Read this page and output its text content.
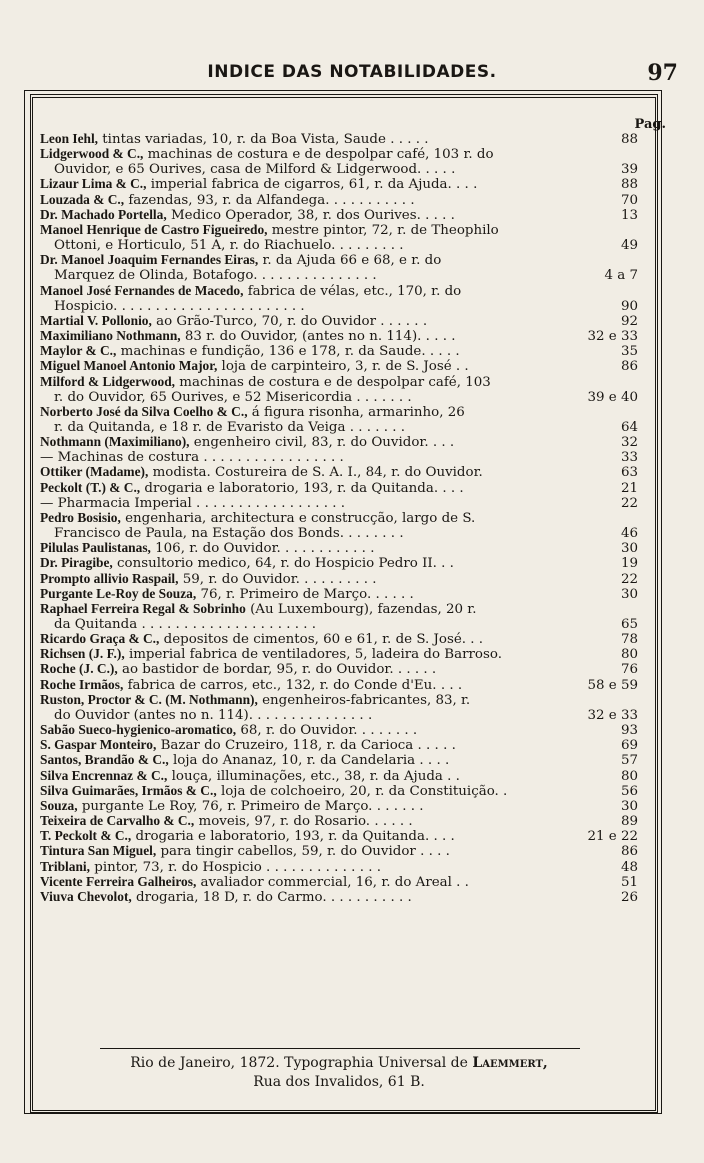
INDICE DAS NOTABILIDADES.	97
Pag.
Leon Iehl, tintas variadas, 10, r. da Boa Vista, Saude . . . . .	88
Lidgerwood & C., machinas de costura e de despolpar café, 103 r. do
Ouvidor, e 65 Ourives, casa de Milford & Lidgerwood. . . . .	39
Lizaur Lima & C., imperial fabrica de cigarros, 61, r. da Ajuda. . . .	88
Louzada & C., fazendas, 93, r. da Alfandega. . . . . . . . . . .	70
Dr. Machado Portella, Medico Operador, 38, r. dos Ourives. . . . .	13
Manoel Henrique de Castro Figueiredo, mestre pintor, 72, r. de Theophilo
Ottoni, e Horticulo, 51 A, r. do Riachuelo. . . . . . . . .	49
Dr. Manoel Joaquim Fernandes Eiras, r. da Ajuda 66 e 68, e r. do
Marquez de Olinda, Botafogo. . . . . . . . . . . . . . .	4 a 7
Manoel José Fernandes de Macedo, fabrica de vélas, etc., 170, r. do
Hospicio. . . . . . . . . . . . . . . . . . . . . . .	90
Martial V. Pollonio, ao Grão-Turco, 70, r. do Ouvidor . . . . . .	92
Maximiliano Nothmann, 83 r. do Ouvidor, (antes no n. 114). . . . .	32 e 33
Maylor & C., machinas e fundição, 136 e 178, r. da Saude. . . . .	35
Miguel Manoel Antonio Major, loja de carpinteiro, 3, r. de S. José . .	86
Milford & Lidgerwood, machinas de costura e de despolpar café, 103
r. do Ouvidor, 65 Ourives, e 52 Misericordia . . . . . . .	39 e 40
Norberto José da Silva Coelho & C., á figura risonha, armarinho, 26
r. da Quitanda, e 18 r. de Evaristo da Veiga . . . . . . .	64
Nothmann (Maximiliano), engenheiro civil, 83, r. do Ouvidor. . . .	32
— Machinas de costura . . . . . . . . . . . . . . . . .	33
Ottiker (Madame), modista. Costureira de S. A. I., 84, r. do Ouvidor.	63
Peckolt (T.) & C., drogaria e laboratorio, 193, r. da Quitanda. . . .	21
— Pharmacia Imperial . . . . . . . . . . . . . . . . . .	22
Pedro Bosisio, engenharia, architectura e construcção, largo de S.
Francisco de Paula, na Estação dos Bonds. . . . . . . .	46
Pilulas Paulistanas, 106, r. do Ouvidor. . . . . . . . . . . .	30
Dr. Piragibe, consultorio medico, 64, r. do Hospicio Pedro II. . .	19
Prompto allivio Raspail, 59, r. do Ouvidor. . . . . . . . . .	22
Purgante Le-Roy de Souza, 76, r. Primeiro de Março. . . . . .	30
Raphael Ferreira Regal & Sobrinho (Au Luxembourg), fazendas, 20 r.
da Quitanda . . . . . . . . . . . . . . . . . . . . .	65
Ricardo Graça & C., depositos de cimentos, 60 e 61, r. de S. José. . .	78
Richsen (J. F.), imperial fabrica de ventiladores, 5, ladeira do Barroso.	80
Roche (J. C.), ao bastidor de bordar, 95, r. do Ouvidor. . . . . .	76
Roche Irmãos, fabrica de carros, etc., 132, r. do Conde d'Eu. . . .	58 e 59
Ruston, Proctor & C. (M. Nothmann), engenheiros-fabricantes, 83, r.
do Ouvidor (antes no n. 114). . . . . . . . . . . . . . .	32 e 33
Sabão Sueco-hygienico-aromatico, 68, r. do Ouvidor. . . . . . . .	93
S. Gaspar Monteiro, Bazar do Cruzeiro, 118, r. da Carioca . . . . .	69
Santos, Brandão & C., loja do Ananaz, 10, r. da Candelaria . . . .	57
Silva Encrennaz & C., louça, illuminações, etc., 38, r. da Ajuda . .	80
Silva Guimarães, Irmãos & C., loja de colchoeiro, 20, r. da Constituição. .	56
Souza, purgante Le Roy, 76, r. Primeiro de Março. . . . . . .	30
Teixeira de Carvalho & C., moveis, 97, r. do Rosario. . . . . .	89
T. Peckolt & C., drogaria e laboratorio, 193, r. da Quitanda. . . .	21 e 22
Tintura San Miguel, para tingir cabellos, 59, r. do Ouvidor . . . .	86
Triblani, pintor, 73, r. do Hospicio . . . . . . . . . . . . . .	48
Vicente Ferreira Galheiros, avaliador commercial, 16, r. do Areal . .	51
Viuva Chevolot, drogaria, 18 D, r. do Carmo. . . . . . . . . . .	26
Rio de Janeiro, 1872. Typographia Universal de Laemmert,
Rua dos Invalidos, 61 B.
